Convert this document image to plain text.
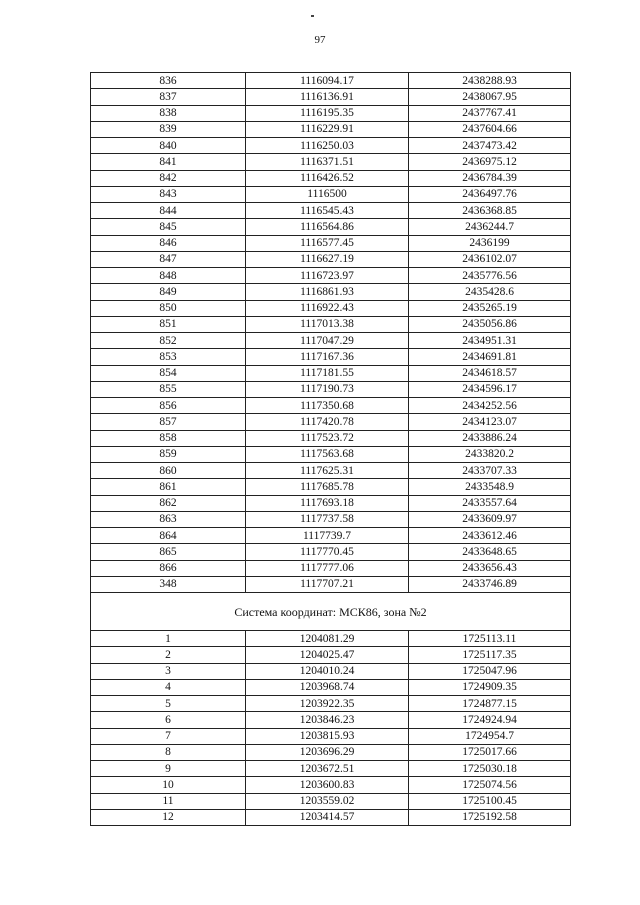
97
836	1116094.17	2438288.93
837	1116136.91	2438067.95
838	1116195.35	2437767.41
839	1116229.91	2437604.66
840	1116250.03	2437473.42
841	1116371.51	2436975.12
842	1116426.52	2436784.39
843	1116500	2436497.76
844	1116545.43	2436368.85
845	1116564.86	2436244.7
846	1116577.45	2436199
847	1116627.19	2436102.07
848	1116723.97	2435776.56
849	1116861.93	2435428.6
850	1116922.43	2435265.19
851	1117013.38	2435056.86
852	1117047.29	2434951.31
853	1117167.36	2434691.81
854	1117181.55	2434618.57
855	1117190.73	2434596.17
856	1117350.68	2434252.56
857	1117420.78	2434123.07
858	1117523.72	2433886.24
859	1117563.68	2433820.2
860	1117625.31	2433707.33
861	1117685.78	2433548.9
862	1117693.18	2433557.64
863	1117737.58	2433609.97
864	1117739.7	2433612.46
865	1117770.45	2433648.65
866	1117777.06	2433656.43
348	1117707.21	2433746.89
Система координат: МСК86, зона №2		
1	1204081.29	1725113.11
2	1204025.47	1725117.35
3	1204010.24	1725047.96
4	1203968.74	1724909.35
5	1203922.35	1724877.15
6	1203846.23	1724924.94
7	1203815.93	1724954.7
8	1203696.29	1725017.66
9	1203672.51	1725030.18
10	1203600.83	1725074.56
11	1203559.02	1725100.45
12	1203414.57	1725192.58
